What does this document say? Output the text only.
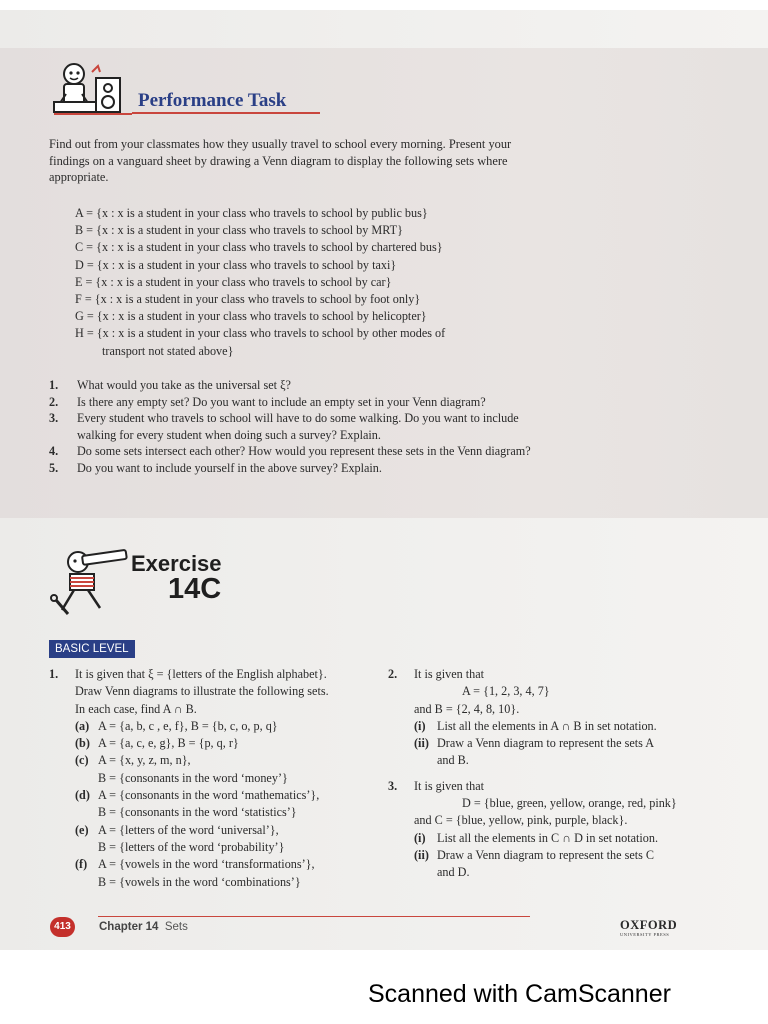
Performance Task
Find out from your classmates how they usually travel to school every morning. Present your findings on a vanguard sheet by drawing a Venn diagram to display the following sets where appropriate.
A = {x : x is a student in your class who travels to school by public bus}
B = {x : x is a student in your class who travels to school by MRT}
C = {x : x is a student in your class who travels to school by chartered bus}
D = {x : x is a student in your class who travels to school by taxi}
E = {x : x is a student in your class who travels to school by car}
F = {x : x is a student in your class who travels to school by foot only}
G = {x : x is a student in your class who travels to school by helicopter}
H = {x : x is a student in your class who travels to school by other modes of
transport not stated above}
1. What would you take as the universal set ξ?
2. Is there any empty set? Do you want to include an empty set in your Venn diagram?
3. Every student who travels to school will have to do some walking. Do you want to include walking for every student when doing such a survey? Explain.
4. Do some sets intersect each other? How would you represent these sets in the Venn diagram?
5. Do you want to include yourself in the above survey? Explain.
Exercise
14C
BASIC LEVEL
1. It is given that ξ = {letters of the English alphabet}.
Draw Venn diagrams to illustrate the following sets.
In each case, find A ∩ B.
(a) A = {a, b, c , e, f}, B = {b, c, o, p, q}
(b) A = {a, c, e, g}, B = {p, q, r}
(c) A = {x, y, z, m, n},
B = {consonants in the word ‘money’}
(d) A = {consonants in the word ‘mathematics’},
B = {consonants in the word ‘statistics’}
(e) A = {letters of the word ‘universal’},
B = {letters of the word ‘probability’}
(f) A = {vowels in the word ‘transformations’},
B = {vowels in the word ‘combinations’}
2. It is given that
A = {1, 2, 3, 4, 7}
and B = {2, 4, 8, 10}.
(i) List all the elements in A ∩ B in set notation.
(ii) Draw a Venn diagram to represent the sets A
and B.
3. It is given that
D = {blue, green, yellow, orange, red, pink}
and C = {blue, yellow, pink, purple, black}.
(i) List all the elements in C ∩ D in set notation.
(ii) Draw a Venn diagram to represent the sets C
and D.
413	Chapter 14 Sets	OXFORD
UNIVERSITY PRESS
Scanned with CamScanner
